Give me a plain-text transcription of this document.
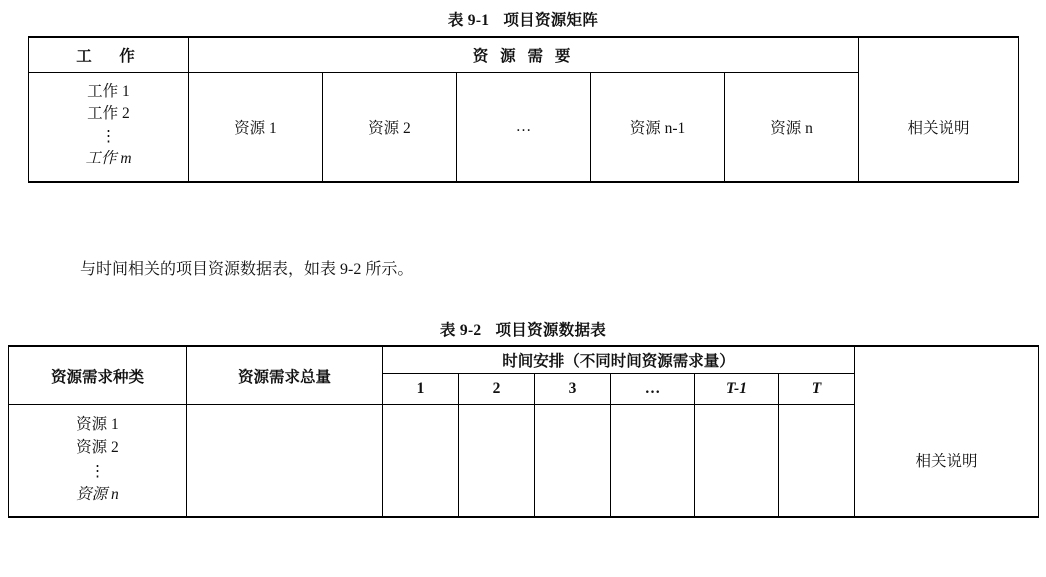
表 9-1 项目资源矩阵
工　作	资 源 需 要					

工作 1
工作 2
⋮
工作 m	资源 1	资源 2	…	资源 n-1	资源 n	相关说明
与时间相关的项目资源数据表，如表 9-2 所示。
表 9-2 项目资源数据表
资源需求种类	资源需求总量	时间安排（不同时间资源需求量）						
		1	2	3	…	T-1	T	

资源 1
资源 2
⋮
资源 n								相关说明
